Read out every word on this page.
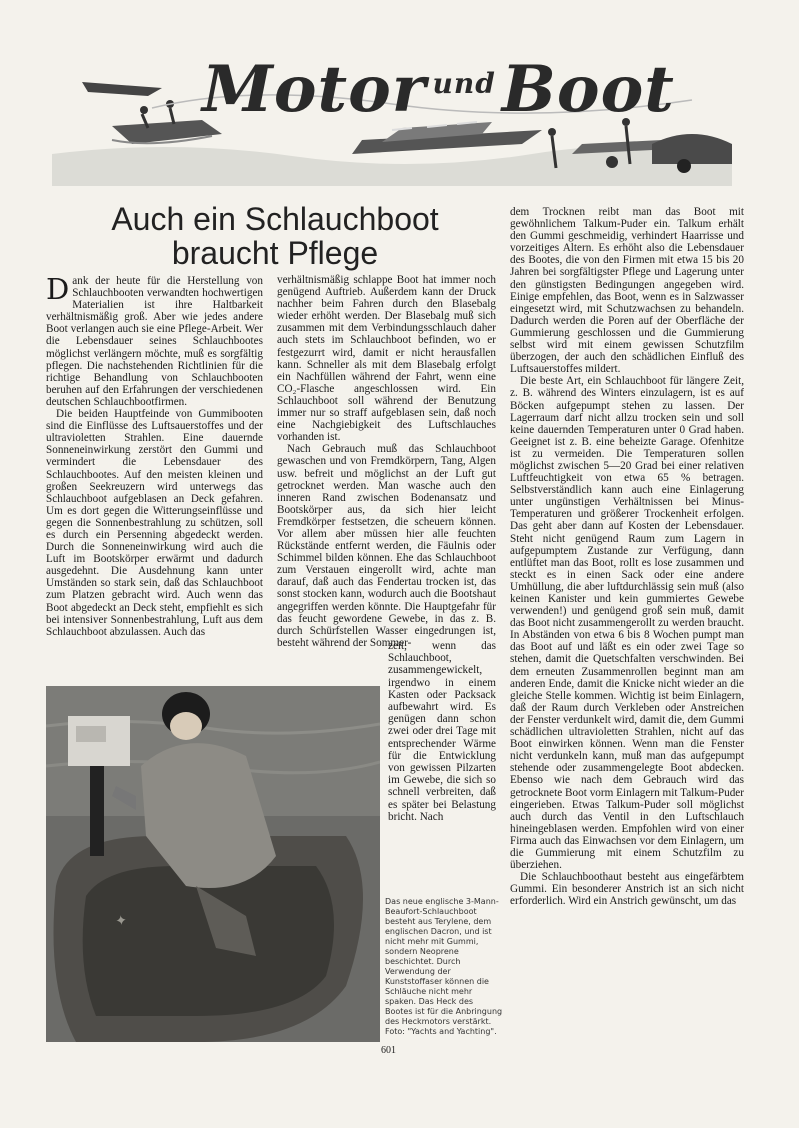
Motor $^{und}$Boot
Auch ein Schlauchboot braucht Pflege

Dank der heute für die Herstellung von Schlauchbooten verwandten hochwertigen Materialien ist ihre Haltbarkeit verhältnismäßig groß. Aber wie jedes andere Boot verlangen auch sie eine Pflege-Arbeit. Wer die Lebensdauer seines Schlauchbootes möglichst verlängern möchte, muß es sorgfältig pflegen. Die nachstehenden Richtlinien für die richtige Behandlung von Schlauchbooten beruhen auf den Erfahrungen der verschiedenen deutschen Schlauchbootfirmen.

Die beiden Hauptfeinde von Gummibooten sind die Einflüsse des Luftsauerstoffes und der ultravioletten Strahlen. Eine dauernde Sonneneinwirkung zerstört den Gummi und vermindert die Lebensdauer des Schlauchbootes. Auf den meisten kleinen und großen Seekreuzern wird unterwegs das Schlauchboot aufgeblasen an Deck gefahren. Um es dort gegen die Witterungseinflüsse und gegen die Sonnenbestrahlung zu schützen, soll es durch ein Persenning abgedeckt werden. Durch die Sonneneinwirkung wird auch die Luft im Bootskörper erwärmt und dadurch ausgedehnt. Die Ausdehnung kann unter Umständen so stark sein, daß das Schlauchboot zum Platzen gebracht wird. Auch wenn das Boot abgedeckt an Deck steht, empfiehlt es sich bei intensiver Sonnenbestrahlung, Luft aus dem Schlauchboot abzulassen. Auch das

verhältnismäßig schlappe Boot hat immer noch genügend Auftrieb. Außerdem kann der Druck nachher beim Fahren durch den Blasebalg wieder erhöht werden. Der Blasebalg muß sich zusammen mit dem Verbindungsschlauch daher auch stets im Schlauchboot befinden, wo er festgezurrt wird, damit er nicht herausfallen kann. Schneller als mit dem Blasebalg erfolgt ein Nachfüllen während der Fahrt, wenn eine CO₂-Flasche angeschlossen wird. Ein Schlauchboot soll während der Benutzung immer nur so straff aufgeblasen sein, daß noch eine Nachgiebigkeit des Luftschlauches vorhanden ist.

Nach Gebrauch muß das Schlauchboot gewaschen und von Fremdkörpern, Tang, Algen usw. befreit und möglichst an der Luft gut getrocknet werden. Man wasche auch den inneren Rand zwischen Bodenansatz und Bootskörper aus, da sich hier leicht Fremdkörper festsetzen, die scheuern können. Vor allem aber müssen hier alle feuchten Rückstände entfernt werden, die Fäulnis oder Schimmel bilden können. Ehe das Schlauchboot zum Verstauen eingerollt wird, achte man darauf, daß auch das Fendertau trocken ist, das sonst stocken kann, wodurch auch die Bootshaut angegriffen werden könnte. Die Hauptgefahr für das feucht gewordene Gewebe, in das z. B. durch Schürfstellen Wasser eingedrungen ist, besteht während der Sommer-

zeit, wenn das Schlauchboot, zusammengewickelt, irgendwo in einem Kasten oder Packsack aufbewahrt wird. Es genügen dann schon zwei oder drei Tage mit entsprechender Wärme für die Entwicklung von gewissen Pilzarten im Gewebe, die sich so schnell verbreiten, daß es später bei Belastung bricht. Nach

dem Trocknen reibt man das Boot mit gewöhnlichem Talkum-Puder ein. Talkum erhält den Gummi geschmeidig, verhindert Haarrisse und vorzeitiges Altern. Es erhöht also die Lebensdauer des Bootes, die von den Firmen mit etwa 15 bis 20 Jahren bei sorgfältigster Pflege und Lagerung unter den günstigsten Bedingungen angegeben wird. Einige empfehlen, das Boot, wenn es in Salzwasser eingesetzt wird, mit Schutzwachsen zu behandeln. Dadurch werden die Poren auf der Oberfläche der Gummierung geschlossen und die Gummierung selbst wird mit einem gewissen Schutzfilm überzogen, der auch den schädlichen Einfluß des Luftsauerstoffes mildert.

Die beste Art, ein Schlauchboot für längere Zeit, z. B. während des Winters einzulagern, ist es auf Böcken aufgepumpt stehen zu lassen. Der Lagerraum darf nicht allzu trocken sein und soll keine dauernden Temperaturen unter 0 Grad haben. Geeignet ist z. B. eine beheizte Garage. Ofenhitze ist zu vermeiden. Die Temperaturen sollen möglichst zwischen 5—20 Grad bei einer relativen Luftfeuchtigkeit von etwa 65 % betragen. Selbstverständlich kann auch eine Einlagerung unter ungünstigen Verhältnissen bei Minus-Temperaturen und größerer Trockenheit erfolgen. Das geht aber dann auf Kosten der Lebensdauer. Steht nicht genügend Raum zum Lagern in aufgepumptem Zustande zur Verfügung, dann entlüftet man das Boot, rollt es lose zusammen und steckt es in einen Sack oder eine andere Umhüllung, die aber luftdurchlässig sein muß (also keinen Kanister und kein gummiertes Gewebe verwenden!) und genügend groß sein muß, damit das Boot nicht zusammengerollt zu werden braucht. In Abständen von etwa 6 bis 8 Wochen pumpt man das Boot auf und läßt es ein oder zwei Tage so stehen, damit die Quetschfalten verschwinden. Bei dem erneuten Zusammenrollen beginnt man am anderen Ende, damit die Knicke nicht wieder an die gleiche Stelle kommen. Wichtig ist beim Einlagern, daß der Raum durch Verkleben oder Anstreichen der Fenster verdunkelt wird, damit die, dem Gummi schädlichen ultravioletten Strahlen, nicht auf das Boot einwirken können. Wenn man die Fenster nicht verdunkeln kann, muß man das aufgepumpt stehende oder zusammengelegte Boot abdecken. Ebenso wie nach dem Gebrauch wird das getrocknete Boot vorm Einlagern mit Talkum-Puder eingerieben. Etwas Talkum-Puder soll möglichst auch durch das Ventil in den Luftschlauch hineingeblasen werden. Empfohlen wird von einer Firma auch das Einwachsen vor dem Einlagern, um die Gummierung mit einem Schutzfilm zu überziehen.

Die Schlauchboothaut besteht aus eingefärbtem Gummi. Ein besonderer Anstrich ist an sich nicht erforderlich. Wird ein Anstrich gewünscht, um das

✦
Das neue englische 3-Mann-Beaufort-Schlauchboot besteht aus Terylene, dem englischen Dacron, und ist nicht mehr mit Gummi, sondern Neoprene beschichtet. Durch Verwendung der Kunststoffaser können die Schläuche nicht mehr spaken. Das Heck des Bootes ist für die Anbringung des Heckmotors verstärkt. Foto: "Yachts and Yachting".
601
